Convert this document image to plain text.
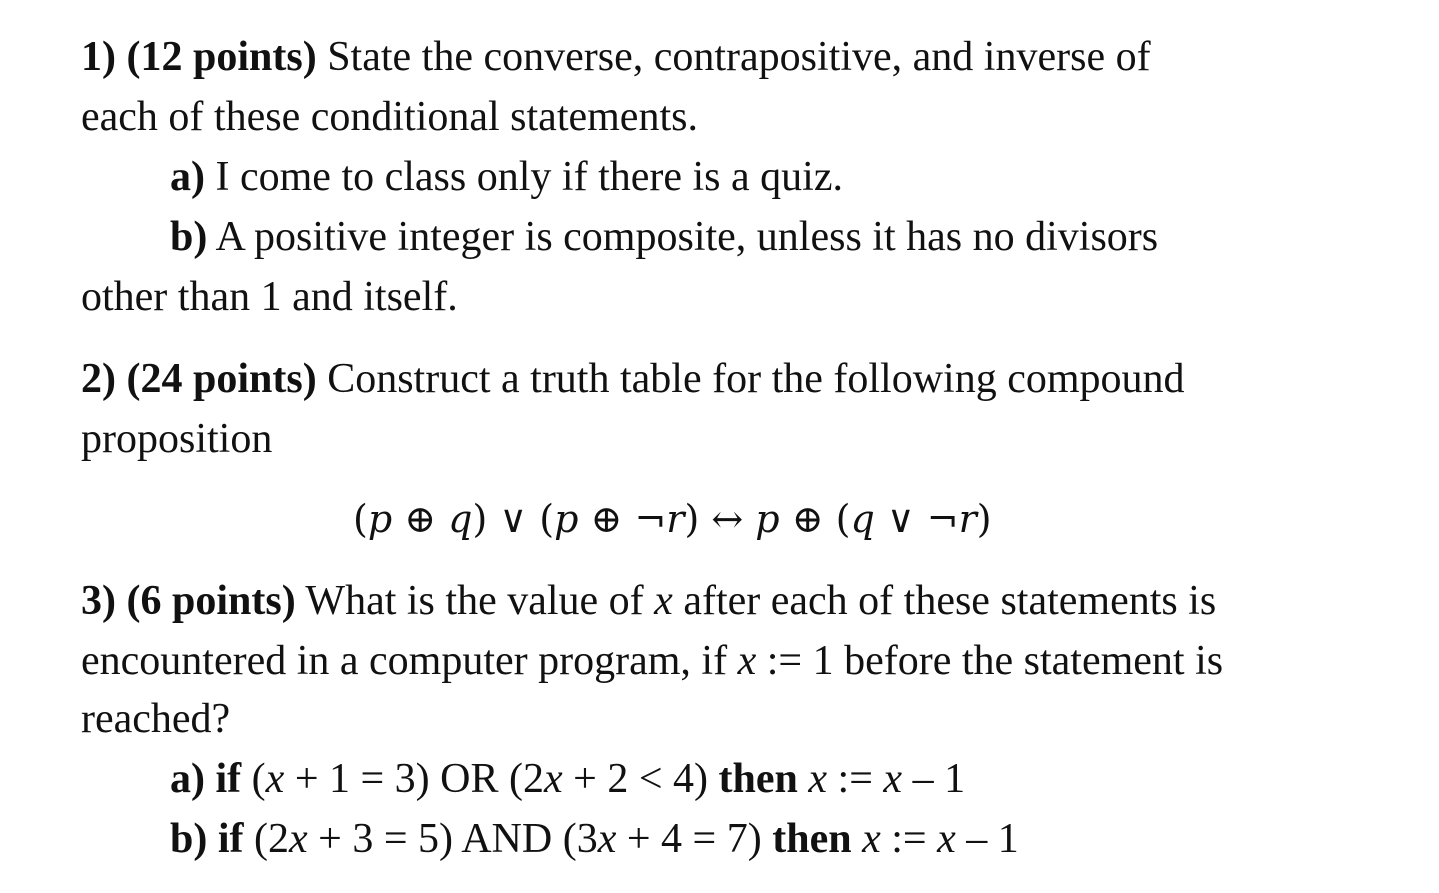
1) (12 points) State the converse, contrapositive, and inverse of
each of these conditional statements.
a) I come to class only if there is a quiz.
b) A positive integer is composite, unless it has no divisors
other than 1 and itself.
2) (24 points) Construct a truth table for the following compound
proposition
(p ⊕ q) ∨ (p ⊕ ¬r) ↔ p ⊕ (q ∨ ¬r)
3) (6 points) What is the value of x after each of these statements is
encountered in a computer program, if x := 1 before the statement is
reached?
a) if (x + 1 = 3) OR (2x + 2 < 4) then x := x – 1
b) if (2x + 3 = 5) AND (3x + 4 = 7) then x := x – 1
